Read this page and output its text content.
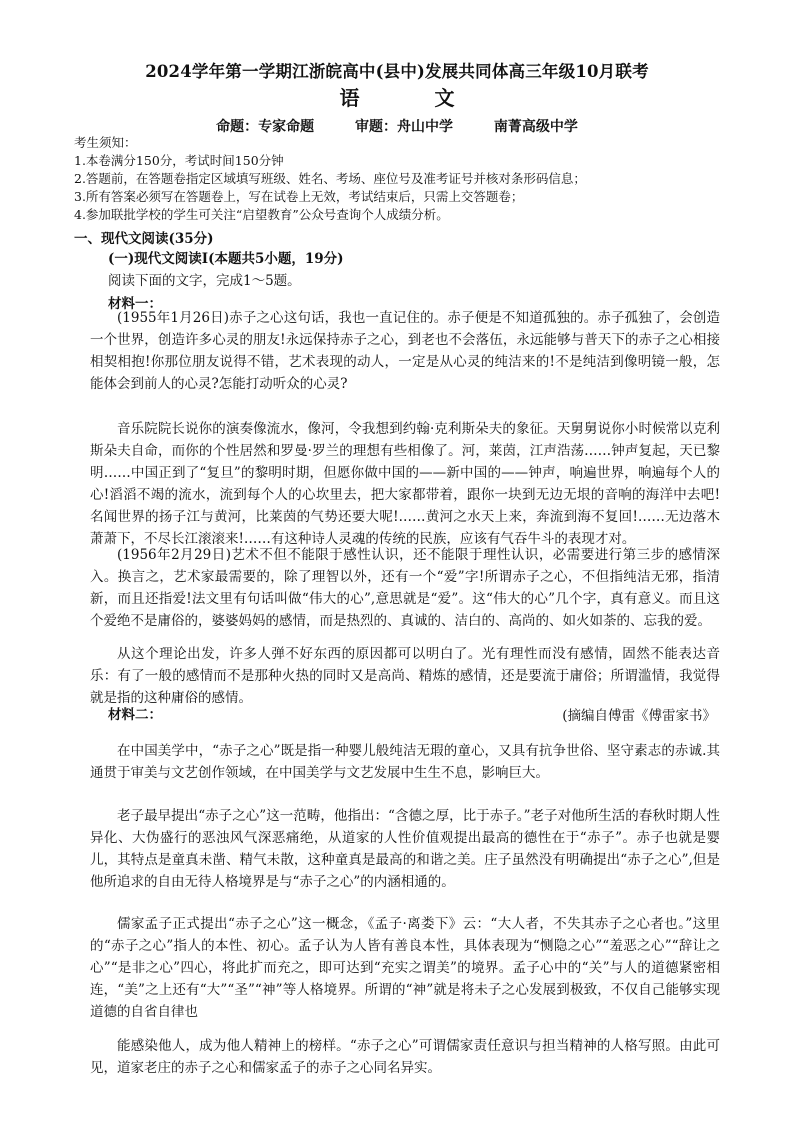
2024学年第一学期江浙皖高中(县中)发展共同体高三年级10月联考
语 文
命题：专家命题	审题：舟山中学	南菁高级中学
考生须知：
1.本卷满分150分，考试时间150分钟
2.答题前，在答题卷指定区域填写班级、姓名、考场、座位号及准考证号并核对条形码信息；
3.所有答案必须写在答题卷上，写在试卷上无效，考试结束后，只需上交答题卷；
4.参加联批学校的学生可关注“启望教育”公众号查询个人成绩分析。
一、现代文阅读(35分)
(一)现代文阅读Ⅰ(本题共5小题，19分)
阅读下面的文字，完成1～5题。
材料一：

(1955年1月26日)赤子之心这句话，我也一直记住的。赤子便是不知道孤独的。赤子孤独了，会创造一个世界，创造许多心灵的朋友!永远保持赤子之心，到老也不会落伍，永远能够与普天下的赤子之心相接相契相抱!你那位朋友说得不错，艺术表现的动人，一定是从心灵的纯洁来的!不是纯洁到像明镜一般，怎能体会到前人的心灵?怎能打动听众的心灵?

音乐院院长说你的演奏像流水，像河，令我想到约翰·克利斯朵夫的象征。天舅舅说你小时候常以克利斯朵夫自命，而你的个性居然和罗曼·罗兰的理想有些相像了。河，莱茵，江声浩荡……钟声复起，天已黎明……中国正到了“复旦”的黎明时期，但愿你做中国的——新中国的——钟声，响遍世界，响遍每个人的心!滔滔不竭的流水，流到每个人的心坎里去，把大家都带着，跟你一块到无边无垠的音响的海洋中去吧!名闻世界的扬子江与黄河，比莱茵的气势还要大呢!……黄河之水天上来，奔流到海不复回!……无边落木萧萧下，不尽长江滚滚来!……有这种诗人灵魂的传统的民族，应该有气吞牛斗的表现才对。

(1956年2月29日)艺术不但不能限于感性认识，还不能限于理性认识，必需要进行第三步的感情深入。换言之，艺术家最需要的，除了理智以外，还有一个“爱”字!所谓赤子之心，不但指纯洁无邪，指清新，而且还指爱!法文里有句话叫做“伟大的心”,意思就是“爱”。这“伟大的心”几个字，真有意义。而且这个爱绝不是庸俗的，婆婆妈妈的感情，而是热烈的、真诚的、洁白的、高尚的、如火如荼的、忘我的爱。

从这个理论出发，许多人弹不好东西的原因都可以明白了。光有理性而没有感情，固然不能表达音乐：有了一般的感情而不是那种火热的同时又是高尚、精炼的感情，还是要流于庸俗；所谓滥情，我觉得就是指的这种庸俗的感情。

(摘编自傅雷《傅雷家书》
材料二：

在中国美学中，“赤子之心”既是指一种婴儿般纯洁无瑕的童心，又具有抗争世俗、坚守素志的赤诚.其通贯于审美与文艺创作领域，在中国美学与文艺发展中生生不息，影响巨大。

老子最早提出“赤子之心”这一范畴，他指出：“含德之厚，比于赤子。”老子对他所生活的春秋时期人性异化、大伪盛行的恶浊风气深恶痛绝，从道家的人性价值观提出最高的德性在于“赤子”。赤子也就是婴儿，其特点是童真未凿、精气未散，这种童真是最高的和谐之美。庄子虽然没有明确提出“赤子之心”,但是他所追求的自由无待人格境界是与“赤子之心”的内涵相通的。

儒家孟子正式提出“赤子之心”这一概念，《孟子·离娄下》云：“大人者，不失其赤子之心者也。”这里的“赤子之心”指人的本性、初心。孟子认为人皆有善良本性，具体表现为“恻隐之心”“羞恶之心”“辞让之心”“是非之心”四心，将此扩而充之，即可达到“充实之谓美”的境界。孟子心中的“关”与人的道德紧密相连，“美”之上还有“大”“圣”“神”等人格境界。所谓的“神”就是将未子之心发展到极致，不仅自己能够实现道德的自省自律也

能感染他人，成为他人精神上的榜样。“赤子之心”可谓儒家责任意识与担当精神的人格写照。由此可见，道家老庄的赤子之心和儒家孟子的赤子之心同名异实。
